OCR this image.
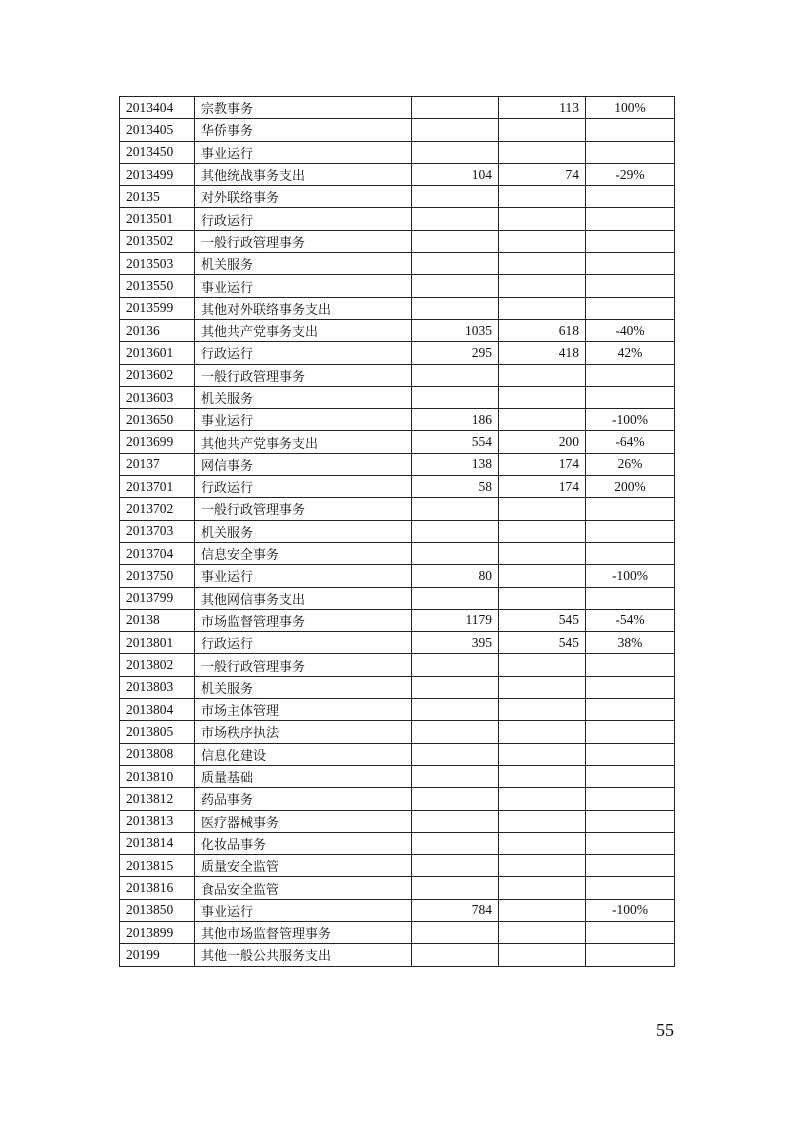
2013404	宗教事务		113	100%
2013405	华侨事务			
2013450	事业运行			
2013499	其他统战事务支出	104	74	-29%
20135	对外联络事务			
2013501	行政运行			
2013502	一般行政管理事务			
2013503	机关服务			
2013550	事业运行			
2013599	其他对外联络事务支出			
20136	其他共产党事务支出	1035	618	-40%
2013601	行政运行	295	418	42%
2013602	一般行政管理事务			
2013603	机关服务			
2013650	事业运行	186		-100%
2013699	其他共产党事务支出	554	200	-64%
20137	网信事务	138	174	26%
2013701	行政运行	58	174	200%
2013702	一般行政管理事务			
2013703	机关服务			
2013704	信息安全事务			
2013750	事业运行	80		-100%
2013799	其他网信事务支出			
20138	市场监督管理事务	1179	545	-54%
2013801	行政运行	395	545	38%
2013802	一般行政管理事务			
2013803	机关服务			
2013804	市场主体管理			
2013805	市场秩序执法			
2013808	信息化建设			
2013810	质量基础			
2013812	药品事务			
2013813	医疗器械事务			
2013814	化妆品事务			
2013815	质量安全监管			
2013816	食品安全监管			
2013850	事业运行	784		-100%
2013899	其他市场监督管理事务			
20199	其他一般公共服务支出			
55
